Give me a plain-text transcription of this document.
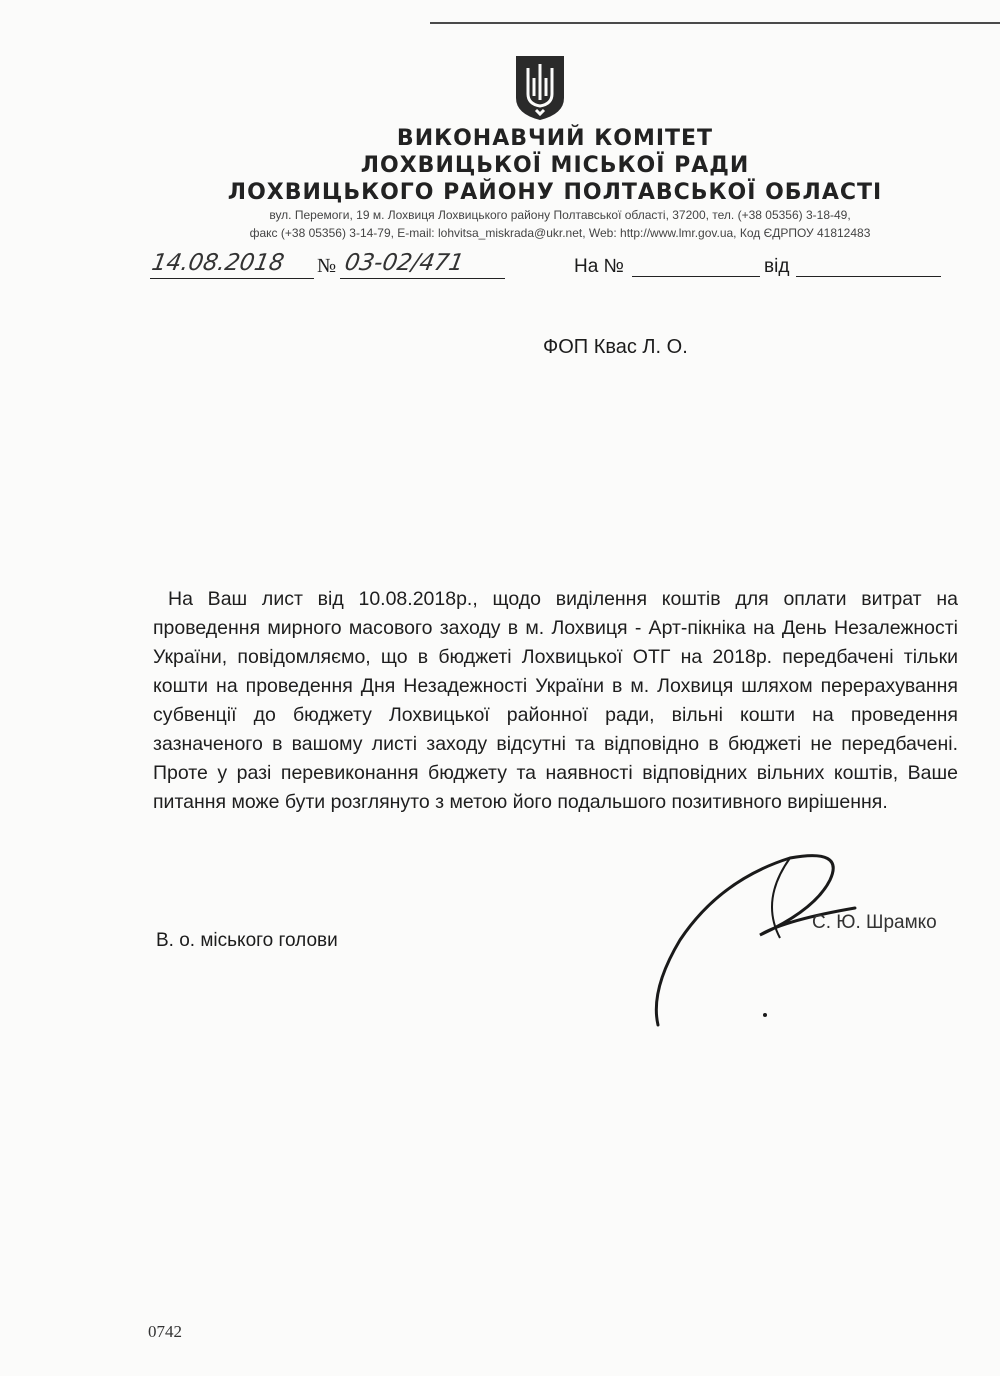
ВИКОНАВЧИЙ КОМІТЕТ
ЛОХВИЦЬКОЇ МІСЬКОЇ РАДИ
ЛОХВИЦЬКОГО РАЙОНУ ПОЛТАВСЬКОЇ ОБЛАСТІ
вул. Перемоги, 19 м. Лохвиця Лохвицького району Полтавської області, 37200, тел. (+38 05356) 3-18-49,
факс (+38 05356) 3-14-79, E-mail: lohvitsa_miskrada@ukr.net, Web: http://www.lmr.gov.ua, Код ЄДРПОУ 41812483
14.08.2018 № 03-02/471	На №	від
ФОП Квас Л. О.
На Ваш лист від 10.08.2018р., щодо виділення коштів для оплати витрат на проведення мирного масового заходу в м. Лохвиця - Арт-пікніка на День Незалежності України, повідомляємо, що в бюджеті Лохвицької ОТГ на 2018р. передбачені тільки кошти на проведення Дня Незадежності України в м. Лохвиця шляхом перерахування субвенції до бюджету Лохвицької районної ради, вільні кошти на проведення зазначеного в вашому листі заходу відсутні та відповідно в бюджеті не передбачені. Проте у разі перевиконання бюджету та наявності відповідних вільних коштів, Ваше питання може бути розглянуто з метою його подальшого позитивного вирішення.
В. о. міського голови
С. Ю. Шрамко
0742
